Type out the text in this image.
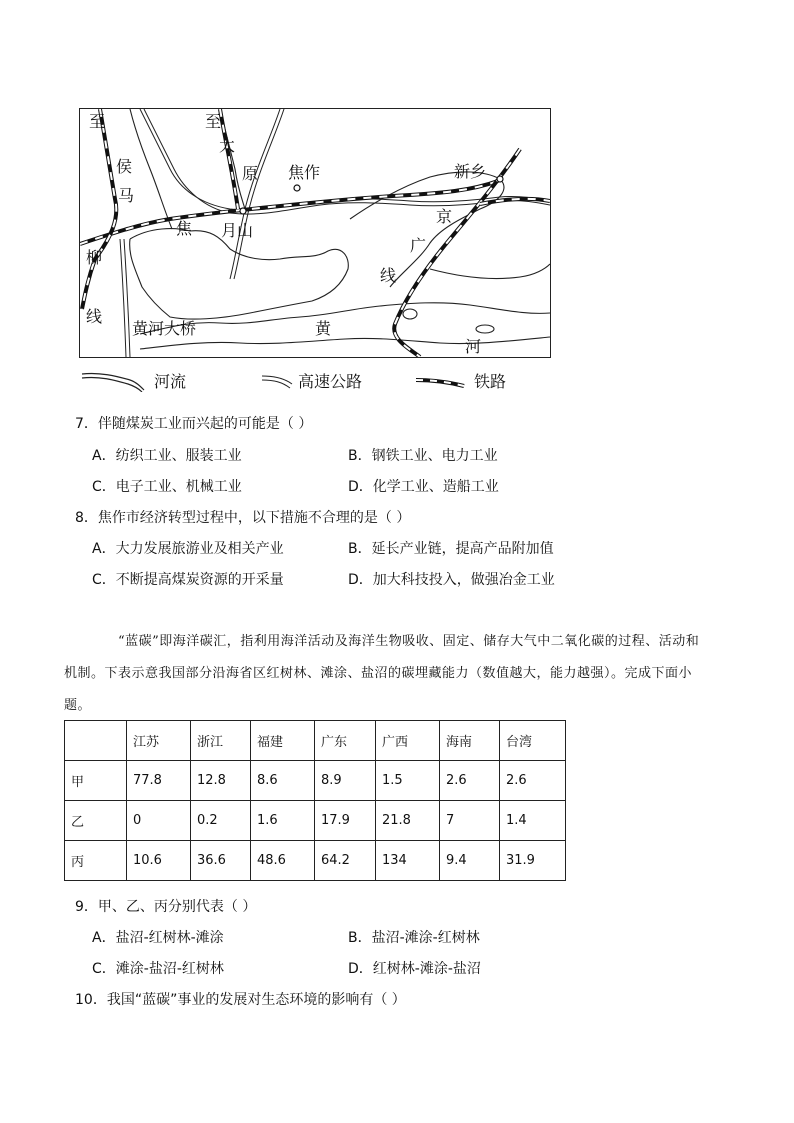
至
侯
马
至
太
原 焦作	新乡
京
广
线
焦 月山
柳
线
黄河大桥	黄
河
河流	高速公路	铁路
7．伴随煤炭工业而兴起的可能是（ ）
A．纺织工业、服装工业	B．钢铁工业、电力工业
C．电子工业、机械工业	D．化学工业、造船工业
8．焦作市经济转型过程中，以下措施不合理的是（ ）
A．大力发展旅游业及相关产业	B．延长产业链，提高产品附加值
C．不断提高煤炭资源的开采量	D．加大科技投入，做强冶金工业
“蓝碳”即海洋碳汇，指利用海洋活动及海洋生物吸收、固定、储存大气中二氧化碳的过程、活动和
机制。下表示意我国部分沿海省区红树林、滩涂、盐沼的碳埋藏能力（数值越大，能力越强）。完成下面小
题。
	江苏	浙江	福建	广东	广西	海南	台湾
甲	77.8	12.8	8.6	8.9	1.5	2.6	2.6
乙	0	0.2	1.6	17.9	21.8	7	1.4
丙	10.6	36.6	48.6	64.2	134	9.4	31.9
9．甲、乙、丙分别代表（ ）
A．盐沼-红树林-滩涂	B．盐沼-滩涂-红树林
C．滩涂-盐沼-红树林	D．红树林-滩涂-盐沼
10．我国“蓝碳”事业的发展对生态环境的影响有（ ）
